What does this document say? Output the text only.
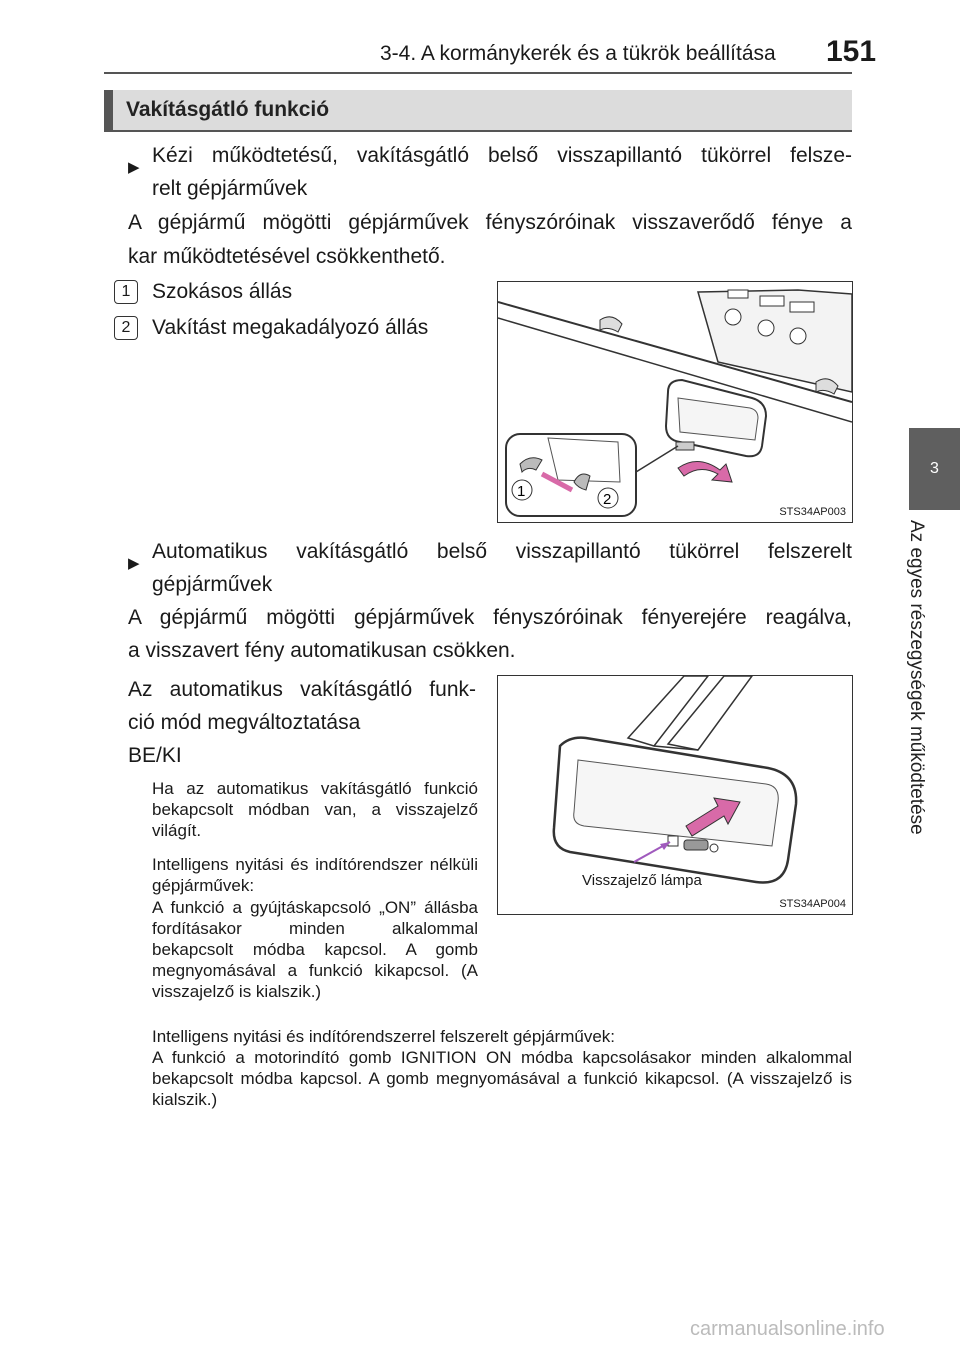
3-4. A kormánykerék és a tükrök beállítása 151
3
Az egyes részegységek működtetése
Vakításgátló funkció
▶
Kézi működtetésű, vakításgátló belső visszapillantó tükörrel felsze-
relt gépjárművek
A gépjármű mögötti gépjárművek fényszóróinak visszaverődő fénye a
kar működtetésével csökkenthető.
1	Szokásos állás
2	Vakítást megakadályozó állás
1	2
STS34AP003
▶
Automatikus vakításgátló belső visszapillantó tükörrel felszerelt
gépjárművek
A gépjármű mögötti gépjárművek fényszóróinak fényerejére reagálva,
a visszavert fény automatikusan csökken.
Az automatikus vakításgátló funk-
ció mód megváltoztatása
BE/KI
Ha az automatikus vakításgátló funkció bekapcsolt módban van, a visszajelző világít.
Intelligens nyitási és indítórendszer nélküli gépjárművek:
A funkció a gyújtáskapcsoló „ON” állásba fordításakor minden alkalommal bekapcsolt módba kapcsol. A gomb megnyomásával a funkció kikapcsol. (A visszajelző is kialszik.)
Intelligens nyitási és indítórendszerrel felszerelt gépjárművek:
A funkció a motorindító gomb IGNITION ON módba kapcsolásakor minden alkalommal bekapcsolt módba kapcsol. A gomb megnyomásával a funkció kikapcsol. (A visszajelző is kialszik.)
Visszajelző lámpa
STS34AP004
carmanualsonline.info
